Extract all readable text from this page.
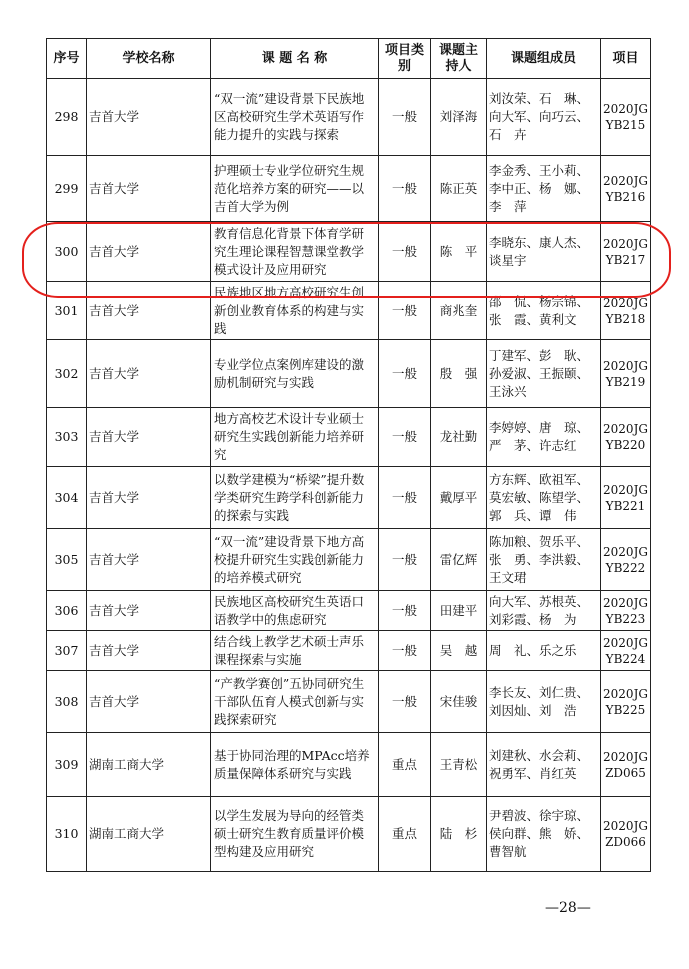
序号	学校名称	课 题 名 称	项目类别	课题主持人	课题组成员	项目
298	吉首大学	“双一流”建设背景下民族地区高校研究生学术英语写作能力提升的实践与探索	一般	刘泽海	刘汝荣、石　琳、向大军、向巧云、石　卉	2020JGYB215
299	吉首大学	护理硕士专业学位研究生规范化培养方案的研究——以吉首大学为例	一般	陈正英	李金秀、王小莉、李中正、杨　娜、李　萍	2020JGYB216
300	吉首大学	教育信息化背景下体育学研究生理论课程智慧课堂教学模式设计及应用研究	一般	陈　平	李晓东、康人杰、谈星宇	2020JGYB217
301	吉首大学	民族地区地方高校研究生创新创业教育体系的构建与实践	一般	商兆奎	邵　侃、杨宗锦、张　霞、黄利文	2020JGYB218
302	吉首大学	专业学位点案例库建设的激励机制研究与实践	一般	殷　强	丁建军、彭　耿、孙爱淑、王振颐、王泳兴	2020JGYB219
303	吉首大学	地方高校艺术设计专业硕士研究生实践创新能力培养研究	一般	龙社勤	李婷婷、唐　琼、严　茅、许志红	2020JGYB220
304	吉首大学	以数学建模为“桥梁”提升数学类研究生跨学科创新能力的探索与实践	一般	戴厚平	方东辉、欧祖军、莫宏敏、陈望学、郭　兵、谭　伟	2020JGYB221
305	吉首大学	“双一流”建设背景下地方高校提升研究生实践创新能力的培养模式研究	一般	雷亿辉	陈加粮、贺乐平、张　勇、李洪毅、王文珺	2020JGYB222
306	吉首大学	民族地区高校研究生英语口语教学中的焦虑研究	一般	田建平	向大军、苏根英、刘彩霞、杨　为	2020JGYB223
307	吉首大学	结合线上教学艺术硕士声乐课程探索与实施	一般	吴　越	周　礼、乐之乐	2020JGYB224
308	吉首大学	“产教学赛创”五协同研究生干部队伍育人模式创新与实践探索研究	一般	宋佳骏	李长友、刘仁贵、刘因灿、刘　浩	2020JGYB225
309	湖南工商大学	基于协同治理的MPAcc培养质量保障体系研究与实践	重点	王青松	刘建秋、水会莉、祝勇军、肖红英	2020JGZD065
310	湖南工商大学	以学生发展为导向的经管类硕士研究生教育质量评价模型构建及应用研究	重点	陆　杉	尹碧波、徐宇琼、侯向群、熊　娇、曹智航	2020JGZD066
—28—
